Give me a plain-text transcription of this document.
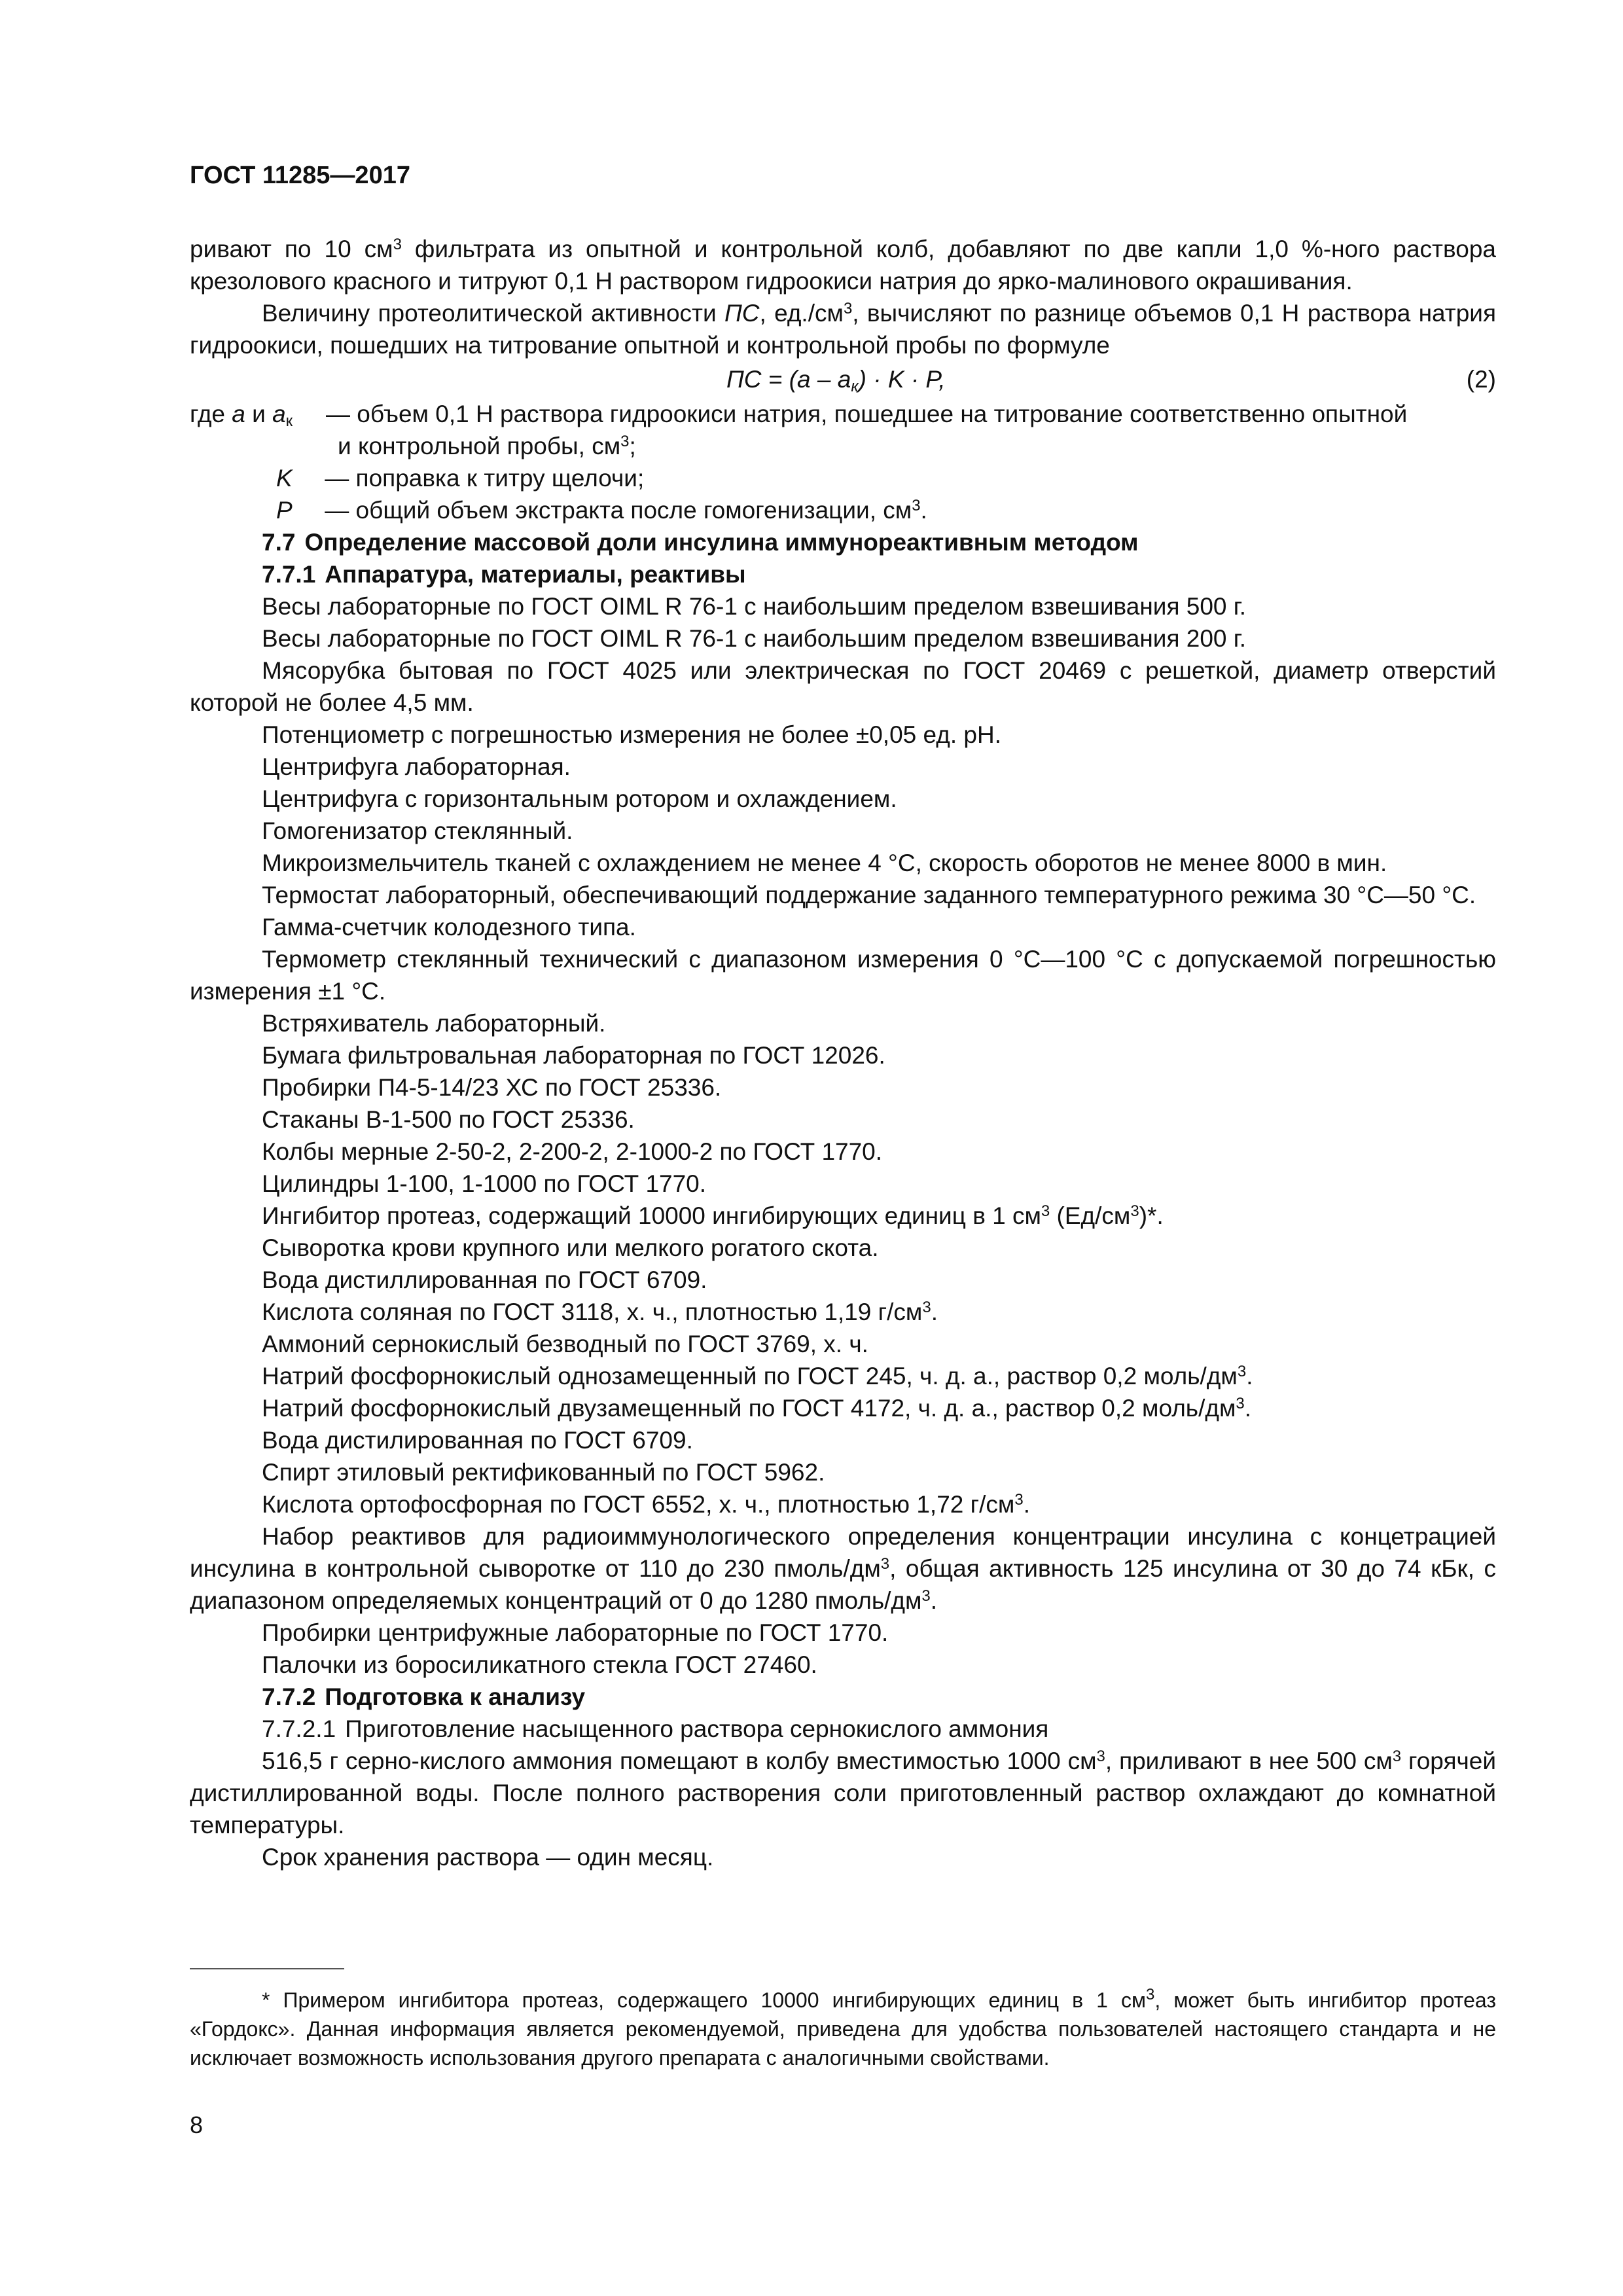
ГОСТ 11285—2017

ривают по 10 $см^3$ фильтрата из опытной и контрольной колб, добавляют по две капли 1,0 %-ного раствора крезолового красного и титруют 0,1 Н раствором гидроокиси натрия до ярко-малинового окрашивания.

Величину протеолитической активности ПС, $ед./см^3$, вычисляют по разнице объемов 0,1 Н раствора натрия гидроокиси, пошедших на титрование опытной и контрольной пробы по формуле

ПС = $(a - a_к) \cdot K \cdot P$,	(2)
где a и $a_к$	— объем 0,1 Н раствора гидроокиси натрия, пошедшее на титрование соответственно опытной

и контрольной пробы, $см^3$;

K — поправка к титру щелочи;

P — общий объем экстракта после гомогенизации, $см^3$.

7.7 Определение массовой доли инсулина иммунореактивным методом

7.7.1 Аппаратура, материалы, реактивы

Весы лабораторные по ГОСТ OIML R 76-1 с наибольшим пределом взвешивания 500 г.

Весы лабораторные по ГОСТ OIML R 76-1 с наибольшим пределом взвешивания 200 г.

Мясорубка бытовая по ГОСТ 4025 или электрическая по ГОСТ 20469 с решеткой, диаметр отверстий которой не более 4,5 мм.

Потенциометр с погрешностью измерения не более ±0,05 ед. pH.

Центрифуга лабораторная.

Центрифуга с горизонтальным ротором и охлаждением.

Гомогенизатор стеклянный.

Микроизмельчитель тканей с охлаждением не менее 4 °С, скорость оборотов не менее 8000 в мин.

Термостат лабораторный, обеспечивающий поддержание заданного температурного режима 30 °С—50 °С.

Гамма-счетчик колодезного типа.

Термометр стеклянный технический с диапазоном измерения 0 °С—100 °С с допускаемой погрешностью измерения ±1 °С.

Встряхиватель лабораторный.

Бумага фильтровальная лабораторная по ГОСТ 12026.

Пробирки П4-5-14/23 ХС по ГОСТ 25336.

Стаканы В-1-500 по ГОСТ 25336.

Колбы мерные 2-50-2, 2-200-2, 2-1000-2 по ГОСТ 1770.

Цилиндры 1-100, 1-1000 по ГОСТ 1770.

Ингибитор протеаз, содержащий 10000 ингибирующих единиц в 1 $см^3$ $(Ед/см^3)*$.

Сыворотка крови крупного или мелкого рогатого скота.

Вода дистиллированная по ГОСТ 6709.

Кислота соляная по ГОСТ 3118, х. ч., плотностью 1,19 $г/см^3$.

Аммоний сернокислый безводный по ГОСТ 3769, х. ч.

Натрий фосфорнокислый однозамещенный по ГОСТ 245, ч. д. а., раствор 0,2 моль/$дм^3$.

Натрий фосфорнокислый двузамещенный по ГОСТ 4172, ч. д. а., раствор 0,2 моль/$дм^3$.

Вода дистилированная по ГОСТ 6709.

Спирт этиловый ректификованный по ГОСТ 5962.

Кислота ортофосфорная по ГОСТ 6552, х. ч., плотностью 1,72 $г/см^3$.

Набор реактивов для радиоиммунологического определения концентрации инсулина с концетрацией инсулина в контрольной сыворотке от 110 до 230 пмоль/$дм^3$, общая активность 125 инсулина от 30 до 74 кБк, с диапазоном определяемых концентраций от 0 до 1280 пмоль/$дм^3$.

Пробирки центрифужные лабораторные по ГОСТ 1770.

Палочки из боросиликатного стекла ГОСТ 27460.

7.7.2 Подготовка к анализу

7.7.2.1 Приготовление насыщенного раствора сернокислого аммония

516,5 г серно-кислого аммония помещают в колбу вместимостью 1000 $см^3$, приливают в нее 500 $см^3$ горячей дистиллированной воды. После полного растворения соли приготовленный раствор охлаждают до комнатной температуры.

Срок хранения раствора — один месяц.

* Примером ингибитора протеаз, содержащего 10000 ингибирующих единиц в 1 $см^3$, может быть ингибитор протеаз «Гордокс». Данная информация является рекомендуемой, приведена для удобства пользователей настоящего стандарта и не исключает возможность использования другого препарата с аналогичными свойствами.

8
